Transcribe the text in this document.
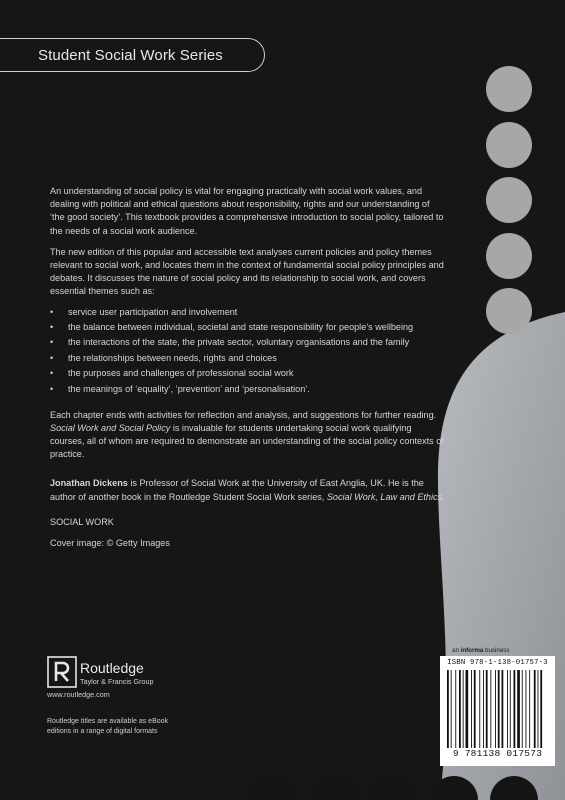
Student Social Work Series

An understanding of social policy is vital for engaging practically with social work values, and dealing with political and ethical questions about responsibility, rights and our understanding of ‘the good society’. This textbook provides a comprehensive introduction to social policy, tailored to the needs of a social work audience.

The new edition of this popular and accessible text analyses current policies and policy themes relevant to social work, and locates them in the context of fundamental social policy principles and debates. It discusses the nature of social policy and its relationship to social work, and covers essential themes such as:

• service user participation and involvement
• the balance between individual, societal and state responsibility for people’s wellbeing
• the interactions of the state, the private sector, voluntary organisations and the family
• the relationships between needs, rights and choices
• the purposes and challenges of professional social work
• the meanings of ‘equality’, ‘prevention’ and ‘personalisation’.

Each chapter ends with activities for reflection and analysis, and suggestions for further reading. Social Work and Social Policy is invaluable for students undertaking social work qualifying courses, all of whom are required to demonstrate an understanding of the social policy contexts of practice.

Jonathan Dickens is Professor of Social Work at the University of East Anglia, UK. He is the author of another book in the Routledge Student Social Work series, Social Work, Law and Ethics.

SOCIAL WORK

Cover image: © Getty Images

Routledge
Taylor & Francis Group
www.routledge.com
Routledge titles are available as eBook editions in a range of digital formats
an informa business
ISBN 978-1-138-01757-3
9 781138 017573
